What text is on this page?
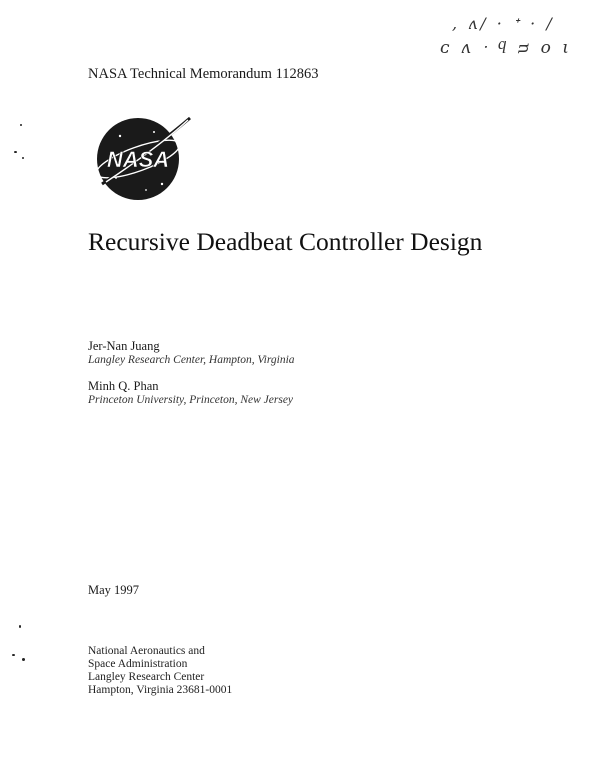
, ʌ/ · ᐩ · /
ᴄ ʌ ᐧ ϥ ᴝ ᴏ ι
NASA Technical Memorandum 112863
NASA
Recursive Deadbeat Controller Design
Jer-Nan Juang
Langley Research Center, Hampton, Virginia
Minh Q. Phan
Princeton University, Princeton, New Jersey
May 1997
National Aeronautics and
Space Administration
Langley Research Center
Hampton, Virginia 23681-0001
